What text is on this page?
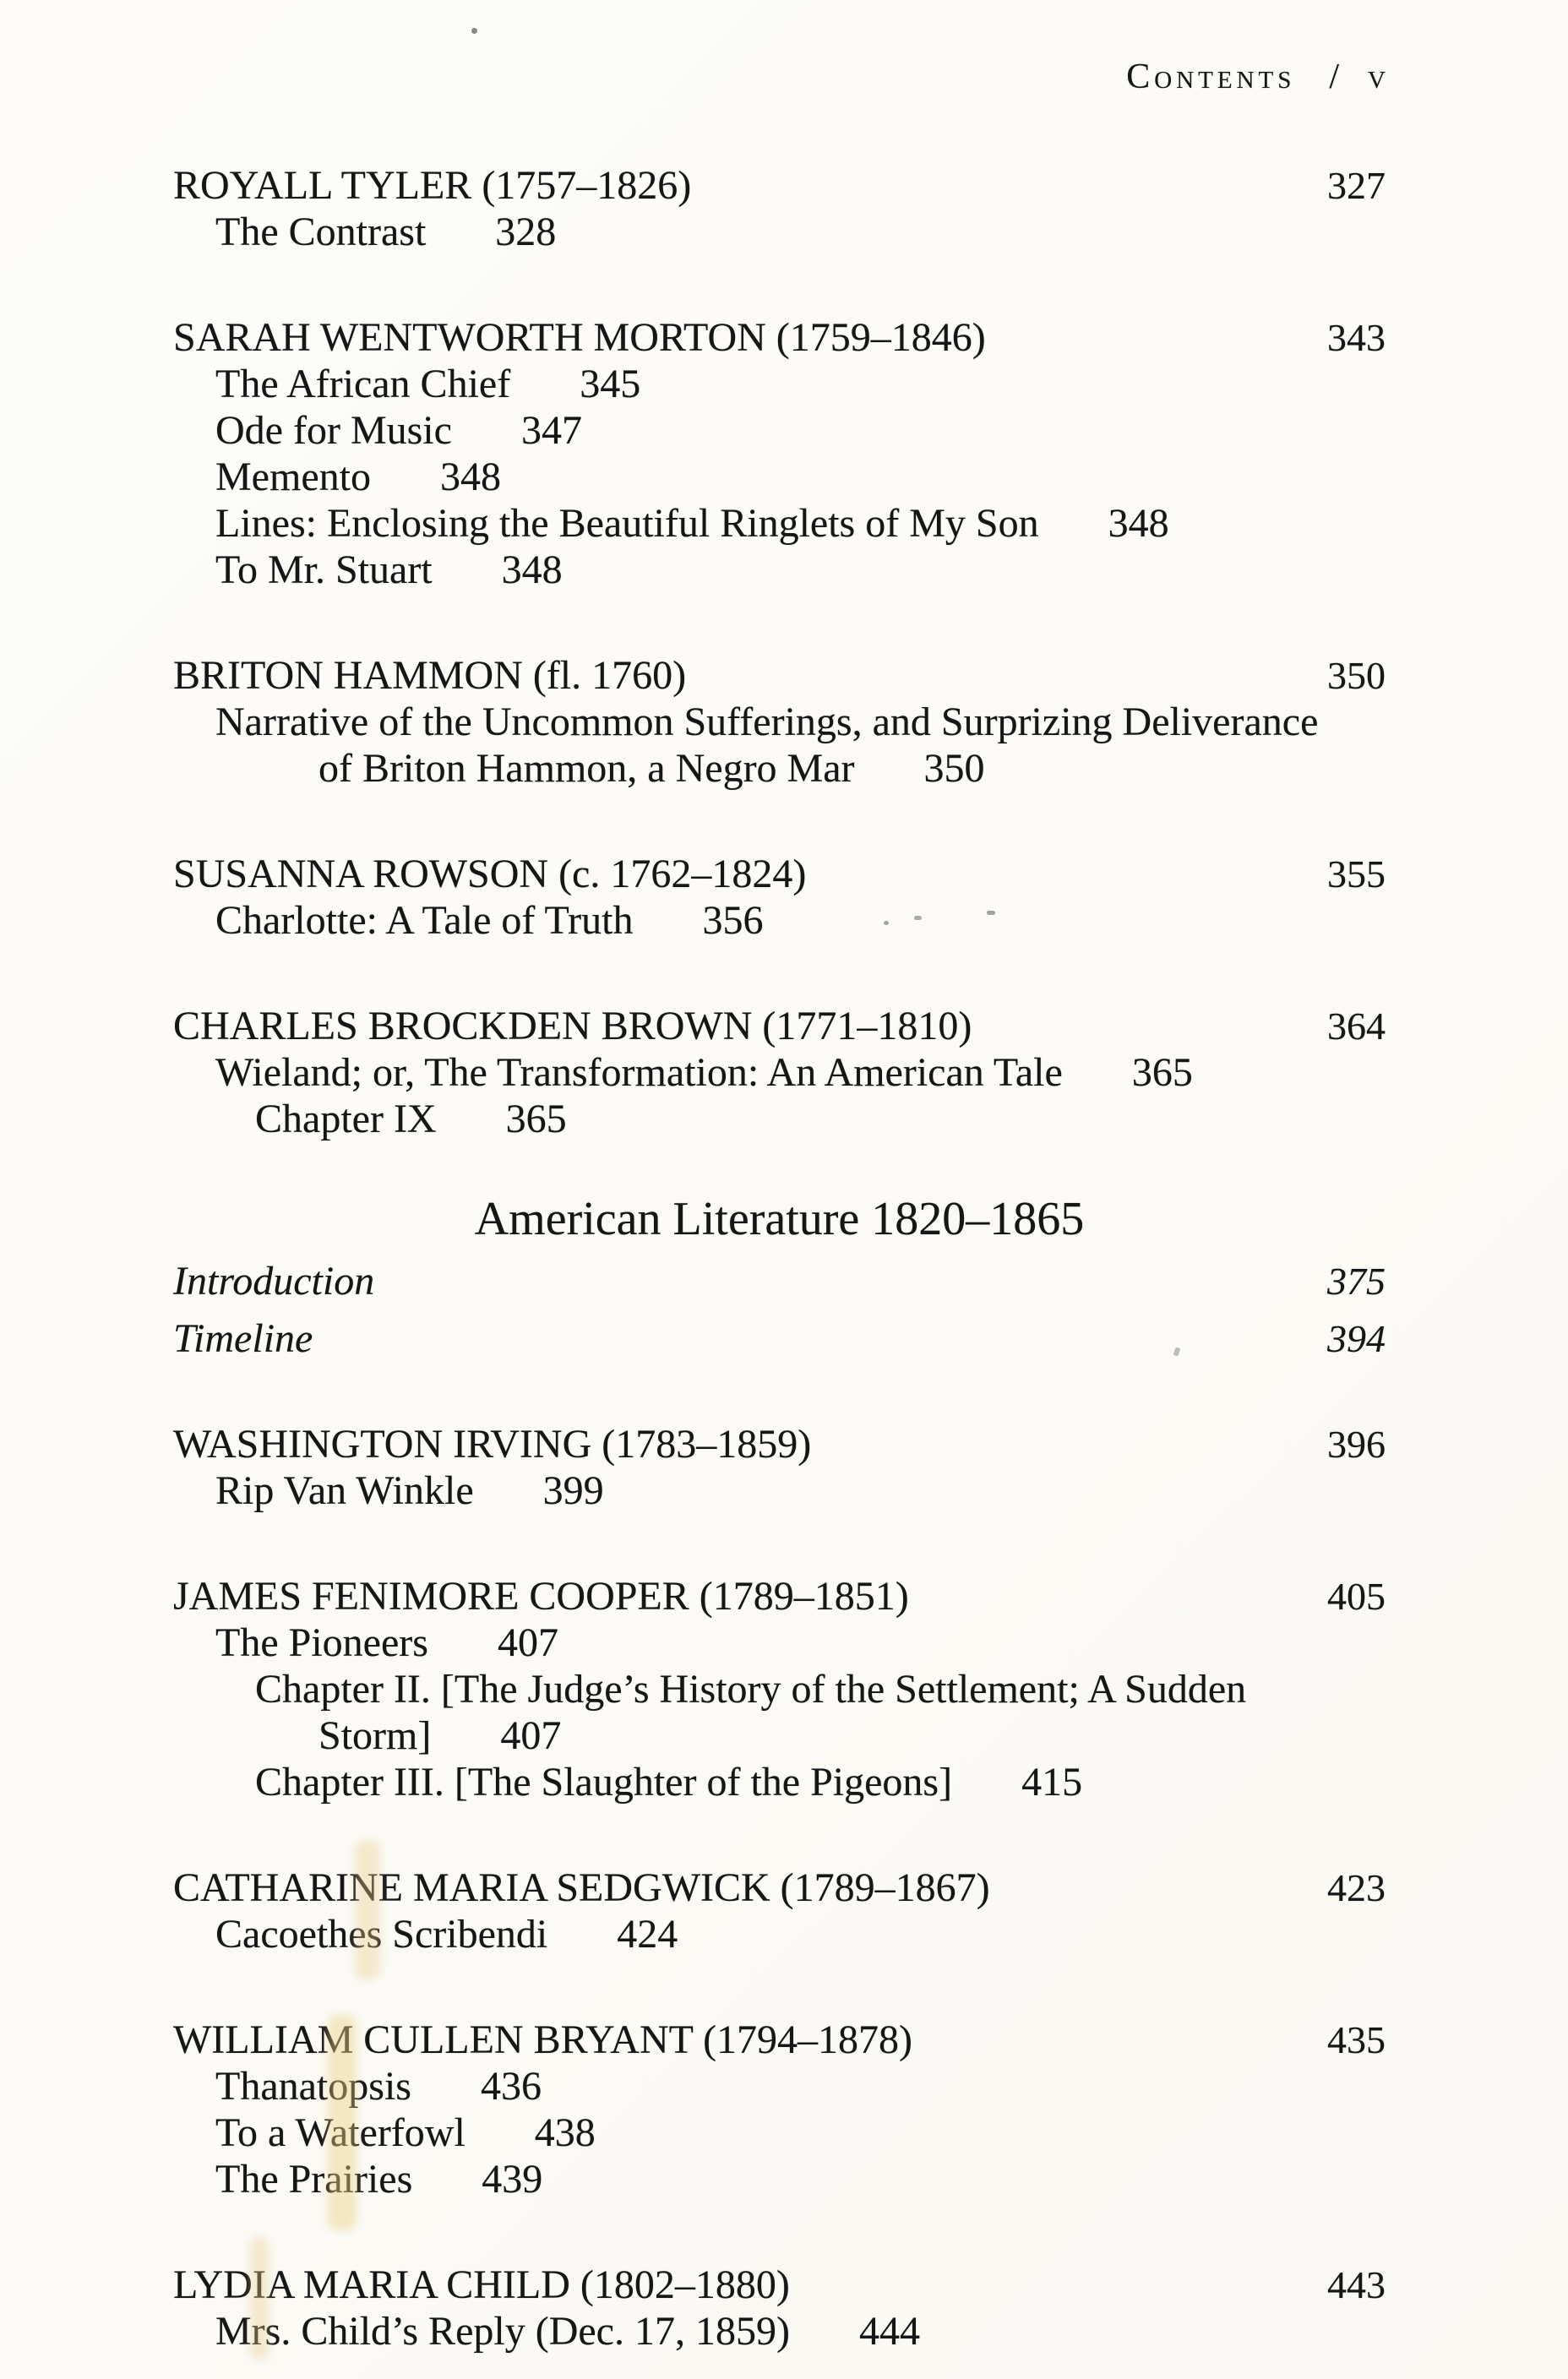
Contents / v
ROYALL TYLER (1757–1826)	327
The Contrast 328
SARAH WENTWORTH MORTON (1759–1846)	343
The African Chief 345
Ode for Music 347
Memento 348
Lines: Enclosing the Beautiful Ringlets of My Son 348
To Mr. Stuart 348
BRITON HAMMON (fl. 1760)	350
Narrative of the Uncommon Sufferings, and Surprizing Deliverance
of Briton Hammon, a Negro Mar 350
SUSANNA ROWSON (c. 1762–1824)	355
Charlotte: A Tale of Truth 356
CHARLES BROCKDEN BROWN (1771–1810)	364
Wieland; or, The Transformation: An American Tale 365
Chapter IX 365
American Literature 1820–1865
Introduction	375
Timeline	394
WASHINGTON IRVING (1783–1859)	396
Rip Van Winkle 399
JAMES FENIMORE COOPER (1789–1851)	405
The Pioneers 407
Chapter II. [The Judge’s History of the Settlement; A Sudden
Storm] 407
Chapter III. [The Slaughter of the Pigeons] 415
CATHARINE MARIA SEDGWICK (1789–1867)	423
Cacoethes Scribendi 424
WILLIAM CULLEN BRYANT (1794–1878)	435
Thanatopsis 436
To a Waterfowl 438
The Prairies 439
LYDIA MARIA CHILD (1802–1880)	443
Mrs. Child’s Reply (Dec. 17, 1859) 444
